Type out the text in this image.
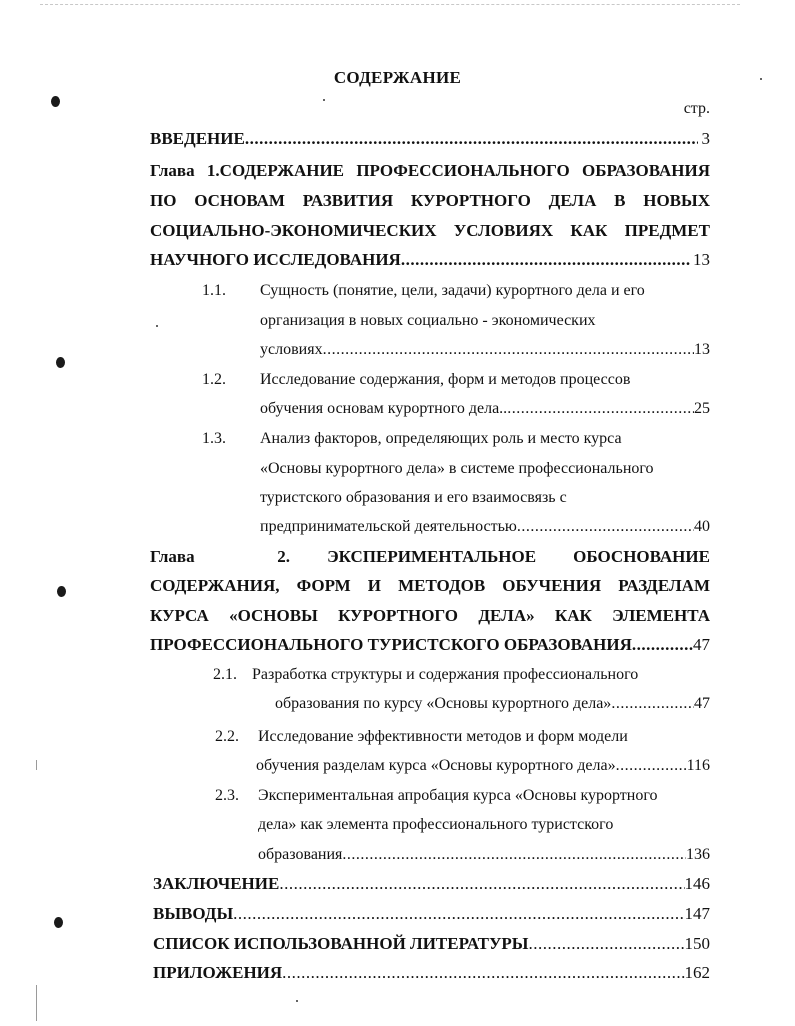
СОДЕРЖАНИЕ
стр.
ВВЕДЕНИЕ .....	3
Глава 1.СОДЕРЖАНИЕ ПРОФЕССИОНАЛЬНОГО ОБРАЗОВАНИЯ
ПО ОСНОВАМ РАЗВИТИЯ КУРОРТНОГО ДЕЛА В НОВЫХ
СОЦИАЛЬНО-ЭКОНОМИЧЕСКИХ УСЛОВИЯХ КАК ПРЕДМЕТ
НАУЧНОГО ИССЛЕДОВАНИЯ .....	13
1.1. Сущность (понятие, цели, задачи) курортного дела и его
организация в новых социально - экономических
условиях .....	13
1.2. Исследование содержания, форм и методов процессов
обучения основам курортного дела.. .....	25
1.3. Анализ факторов, определяющих роль и место курса
«Основы курортного дела» в системе профессионального
туристского образования и его взаимосвязь с
предпринимательской деятельностью .....	40
Глава	2. ЭКСПЕРИМЕНТАЛЬНОЕ ОБОСНОВАНИЕ
СОДЕРЖАНИЯ, ФОРМ И МЕТОДОВ ОБУЧЕНИЯ РАЗДЕЛАМ
КУРСА «ОСНОВЫ КУРОРТНОГО ДЕЛА» КАК ЭЛЕМЕНТА
ПРОФЕССИОНАЛЬНОГО ТУРИСТСКОГО ОБРАЗОВАНИЯ .....	47
2.1. Разработка структуры и содержания профессионального
образования по курсу «Основы курортного дела» .....	47
2.2. Исследование эффективности методов и форм модели
обучения разделам курса «Основы курортного дела» .....	116
2.3. Экспериментальная апробация курса «Основы курортного
дела» как элемента профессионального туристского
образования .....	136
ЗАКЛЮЧЕНИЕ .....	146
ВЫВОДЫ .....	147
СПИСОК ИСПОЛЬЗОВАННОЙ ЛИТЕРАТУРЫ .....	150
ПРИЛОЖЕНИЯ .....	162
